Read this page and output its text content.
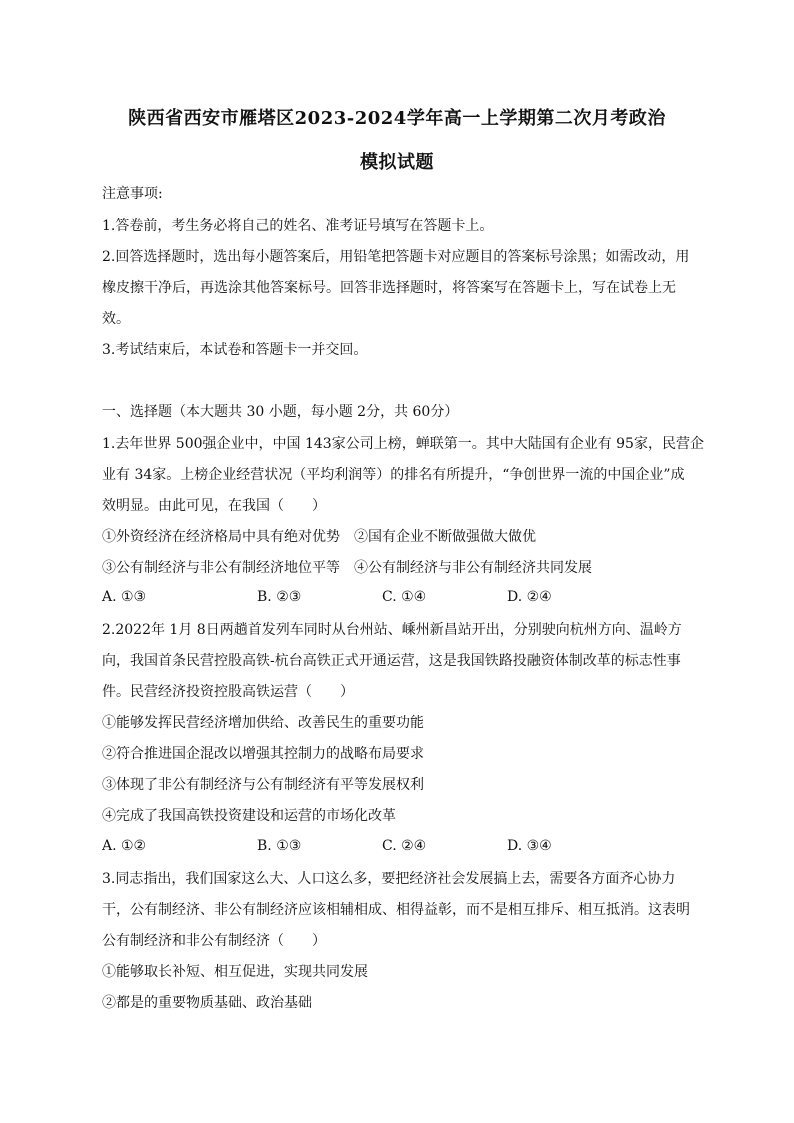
陕西省西安市雁塔区2023-2024学年高一上学期第二次月考政治
模拟试题
注意事项:
1.答卷前，考生务必将自己的姓名、准考证号填写在答题卡上。
2.回答选择题时，选出每小题答案后，用铅笔把答题卡对应题目的答案标号涂黑；如需改动，用
橡皮擦干净后，再选涂其他答案标号。回答非选择题时，将答案写在答题卡上，写在试卷上无
效。
3.考试结束后，本试卷和答题卡一并交回。
一、选择题（本大题共 30 小题，每小题 2分，共 60分）
1.去年世界 500强企业中，中国 143家公司上榜，蝉联第一。其中大陆国有企业有 95家，民营企
业有 34家。上榜企业经营状况（平均利润等）的排名有所提升，“争创世界一流的中国企业”成
效明显。由此可见，在我国（　　）
①外资经济在经济格局中具有绝对优势　②国有企业不断做强做大做优
③公有制经济与非公有制经济地位平等　④公有制经济与非公有制经济共同发展
A. ①③	B. ②③	C. ①④	D. ②④
2.2022年 1月 8日两趟首发列车同时从台州站、嵊州新昌站开出，分别驶向杭州方向、温岭方
向，我国首条民营控股高铁-杭台高铁正式开通运营，这是我国铁路投融资体制改革的标志性事
件。民营经济投资控股高铁运营（　　）
①能够发挥民营经济增加供给、改善民生的重要功能
②符合推进国企混改以增强其控制力的战略布局要求
③体现了非公有制经济与公有制经济有平等发展权利
④完成了我国高铁投资建设和运营的市场化改革
A. ①②	B. ①③	C. ②④	D. ③④
3.同志指出，我们国家这么大、人口这么多，要把经济社会发展搞上去，需要各方面齐心协力
干，公有制经济、非公有制经济应该相辅相成、相得益彰，而不是相互排斥、相互抵消。这表明
公有制经济和非公有制经济（　　）
①能够取长补短、相互促进，实现共同发展
②都是的重要物质基础、政治基础
